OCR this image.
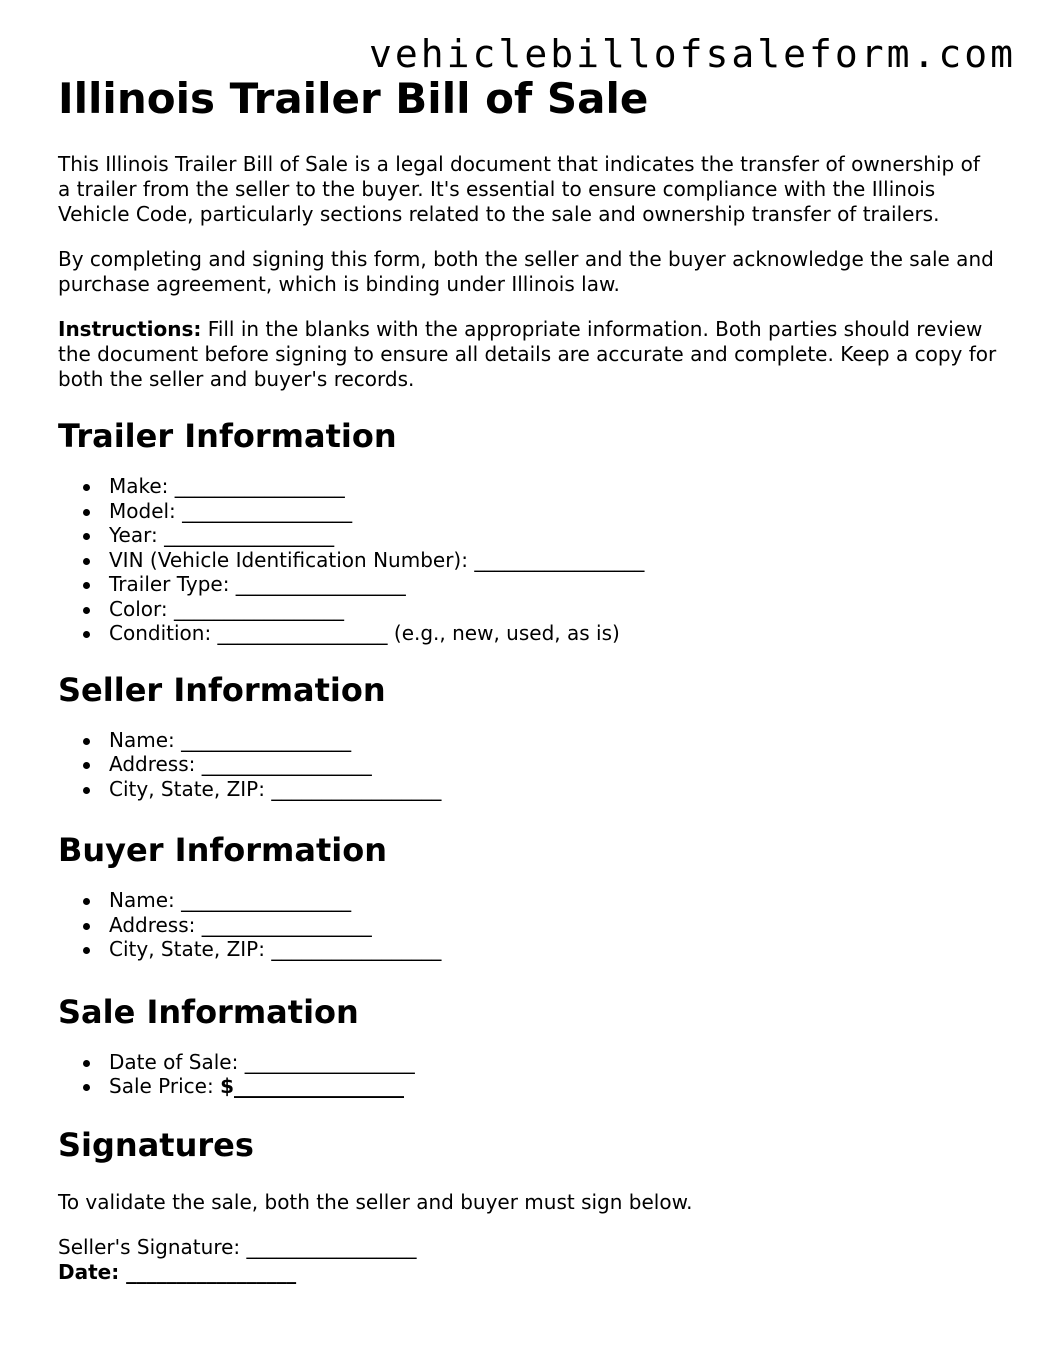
vehiclebillofsaleform.com
Illinois Trailer Bill of Sale

This Illinois Trailer Bill of Sale is a legal document that indicates the transfer of ownership of a trailer from the seller to the buyer. It's essential to ensure compliance with the Illinois Vehicle Code, particularly sections related to the sale and ownership transfer of trailers.

By completing and signing this form, both the seller and the buyer acknowledge the sale and purchase agreement, which is binding under Illinois law.

Instructions: Fill in the blanks with the appropriate information. Both parties should review the document before signing to ensure all details are accurate and complete. Keep a copy for both the seller and buyer's records.

Trailer Information
Make: _________________
Model: _________________
Year: _________________
VIN (Vehicle Identification Number): _________________
Trailer Type: _________________
Color: _________________
Condition: _________________ (e.g., new, used, as is)
Seller Information
Name: _________________
Address: _________________
City, State, ZIP: _________________
Buyer Information
Name: _________________
Address: _________________
City, State, ZIP: _________________
Sale Information
Date of Sale: _________________
Sale Price: $_________________
Signatures

To validate the sale, both the seller and buyer must sign below.

Seller's Signature: _________________

Date: _________________
